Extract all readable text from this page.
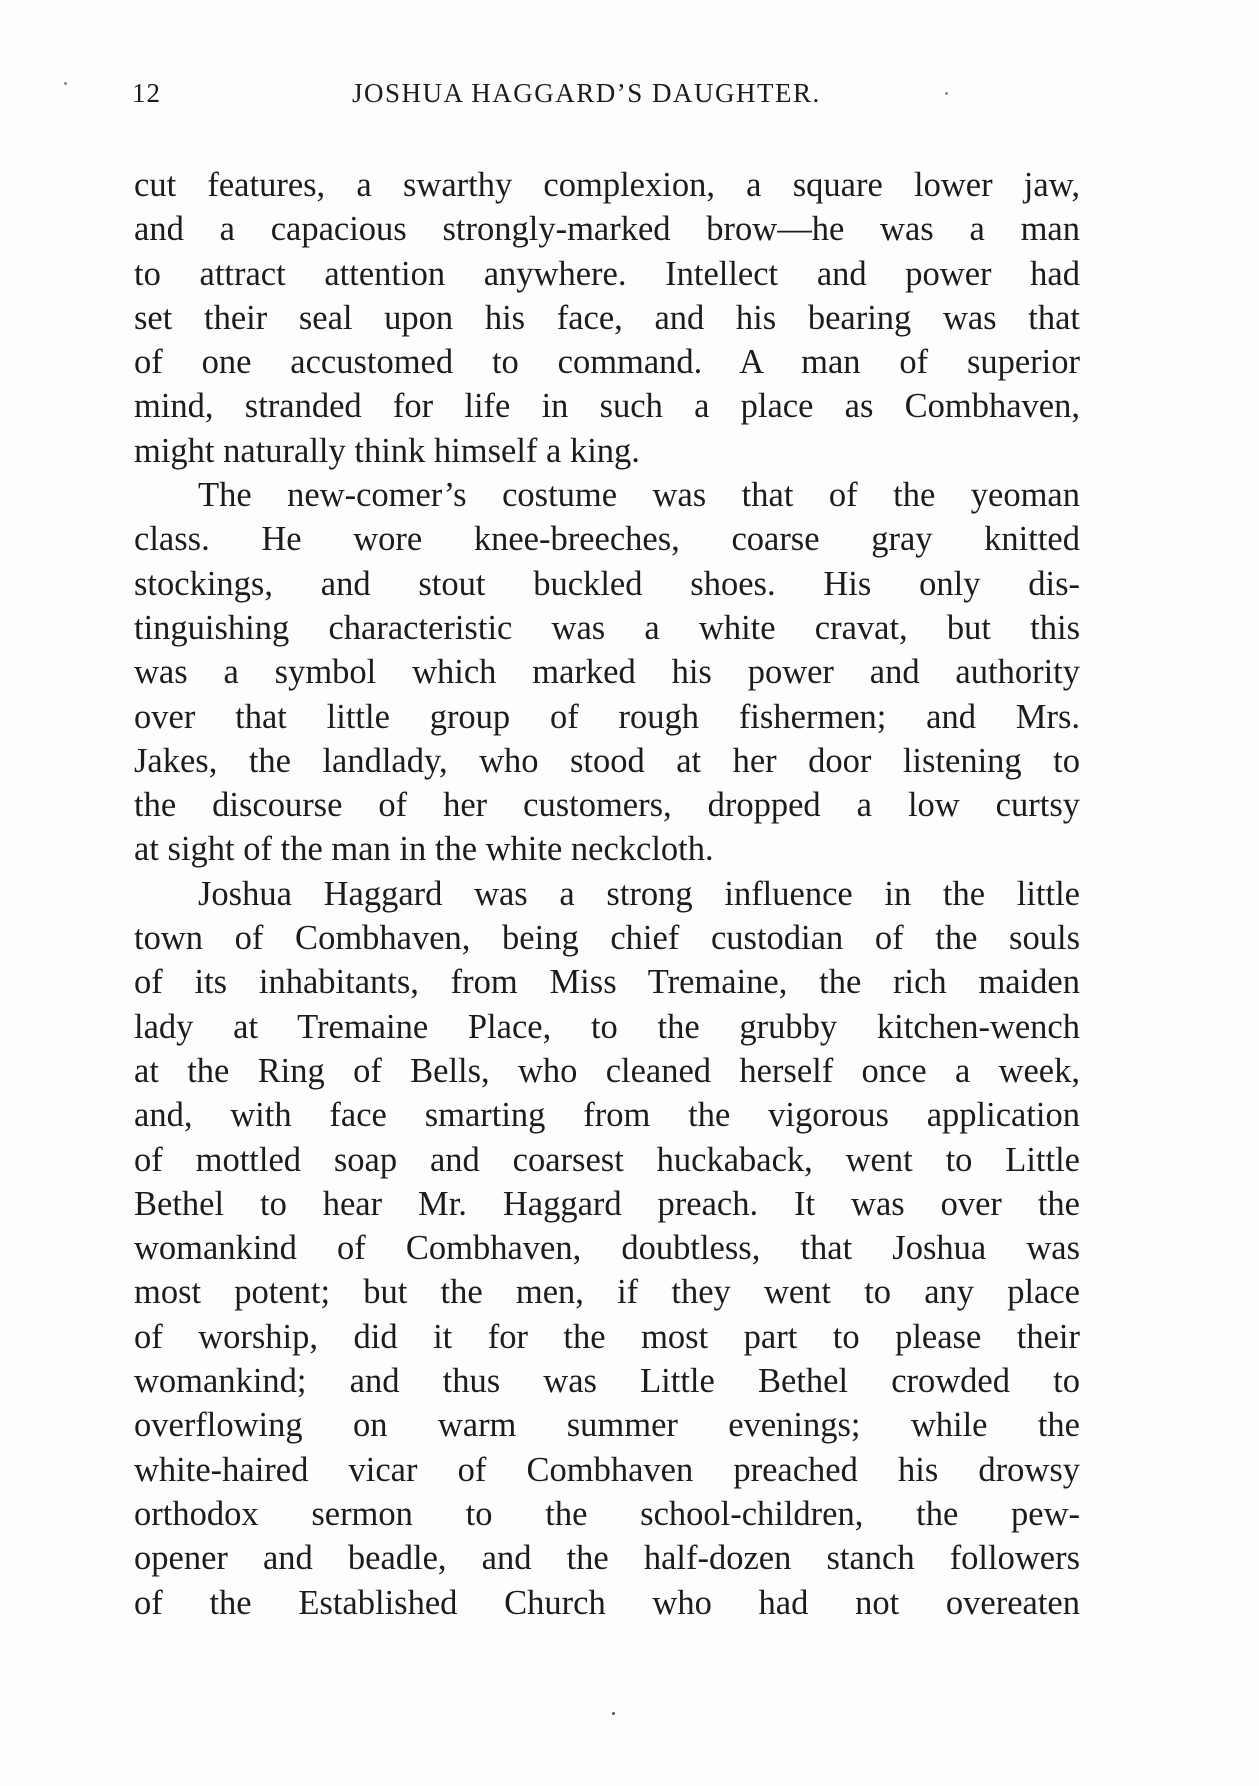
12	JOSHUA HAGGARD’S DAUGHTER.
cut features, a swarthy complexion, a square lower jaw,
and a capacious strongly-marked brow—he was a man
to attract attention anywhere. Intellect and power had
set their seal upon his face, and his bearing was that
of one accustomed to command. A man of superior
mind, stranded for life in such a place as Combhaven,
might naturally think himself a king.
The new-comer’s costume was that of the yeoman
class. He wore knee-breeches, coarse gray knitted
stockings, and stout buckled shoes. His only dis-
tinguishing characteristic was a white cravat, but this
was a symbol which marked his power and authority
over that little group of rough fishermen; and Mrs.
Jakes, the landlady, who stood at her door listening to
the discourse of her customers, dropped a low curtsy
at sight of the man in the white neckcloth.
Joshua Haggard was a strong influence in the little
town of Combhaven, being chief custodian of the souls
of its inhabitants, from Miss Tremaine, the rich maiden
lady at Tremaine Place, to the grubby kitchen-wench
at the Ring of Bells, who cleaned herself once a week,
and, with face smarting from the vigorous application
of mottled soap and coarsest huckaback, went to Little
Bethel to hear Mr. Haggard preach. It was over the
womankind of Combhaven, doubtless, that Joshua was
most potent; but the men, if they went to any place
of worship, did it for the most part to please their
womankind; and thus was Little Bethel crowded to
overflowing on warm summer evenings; while the
white-haired vicar of Combhaven preached his drowsy
orthodox sermon to the school-children, the pew-
opener and beadle, and the half-dozen stanch followers
of the Established Church who had not overeaten
